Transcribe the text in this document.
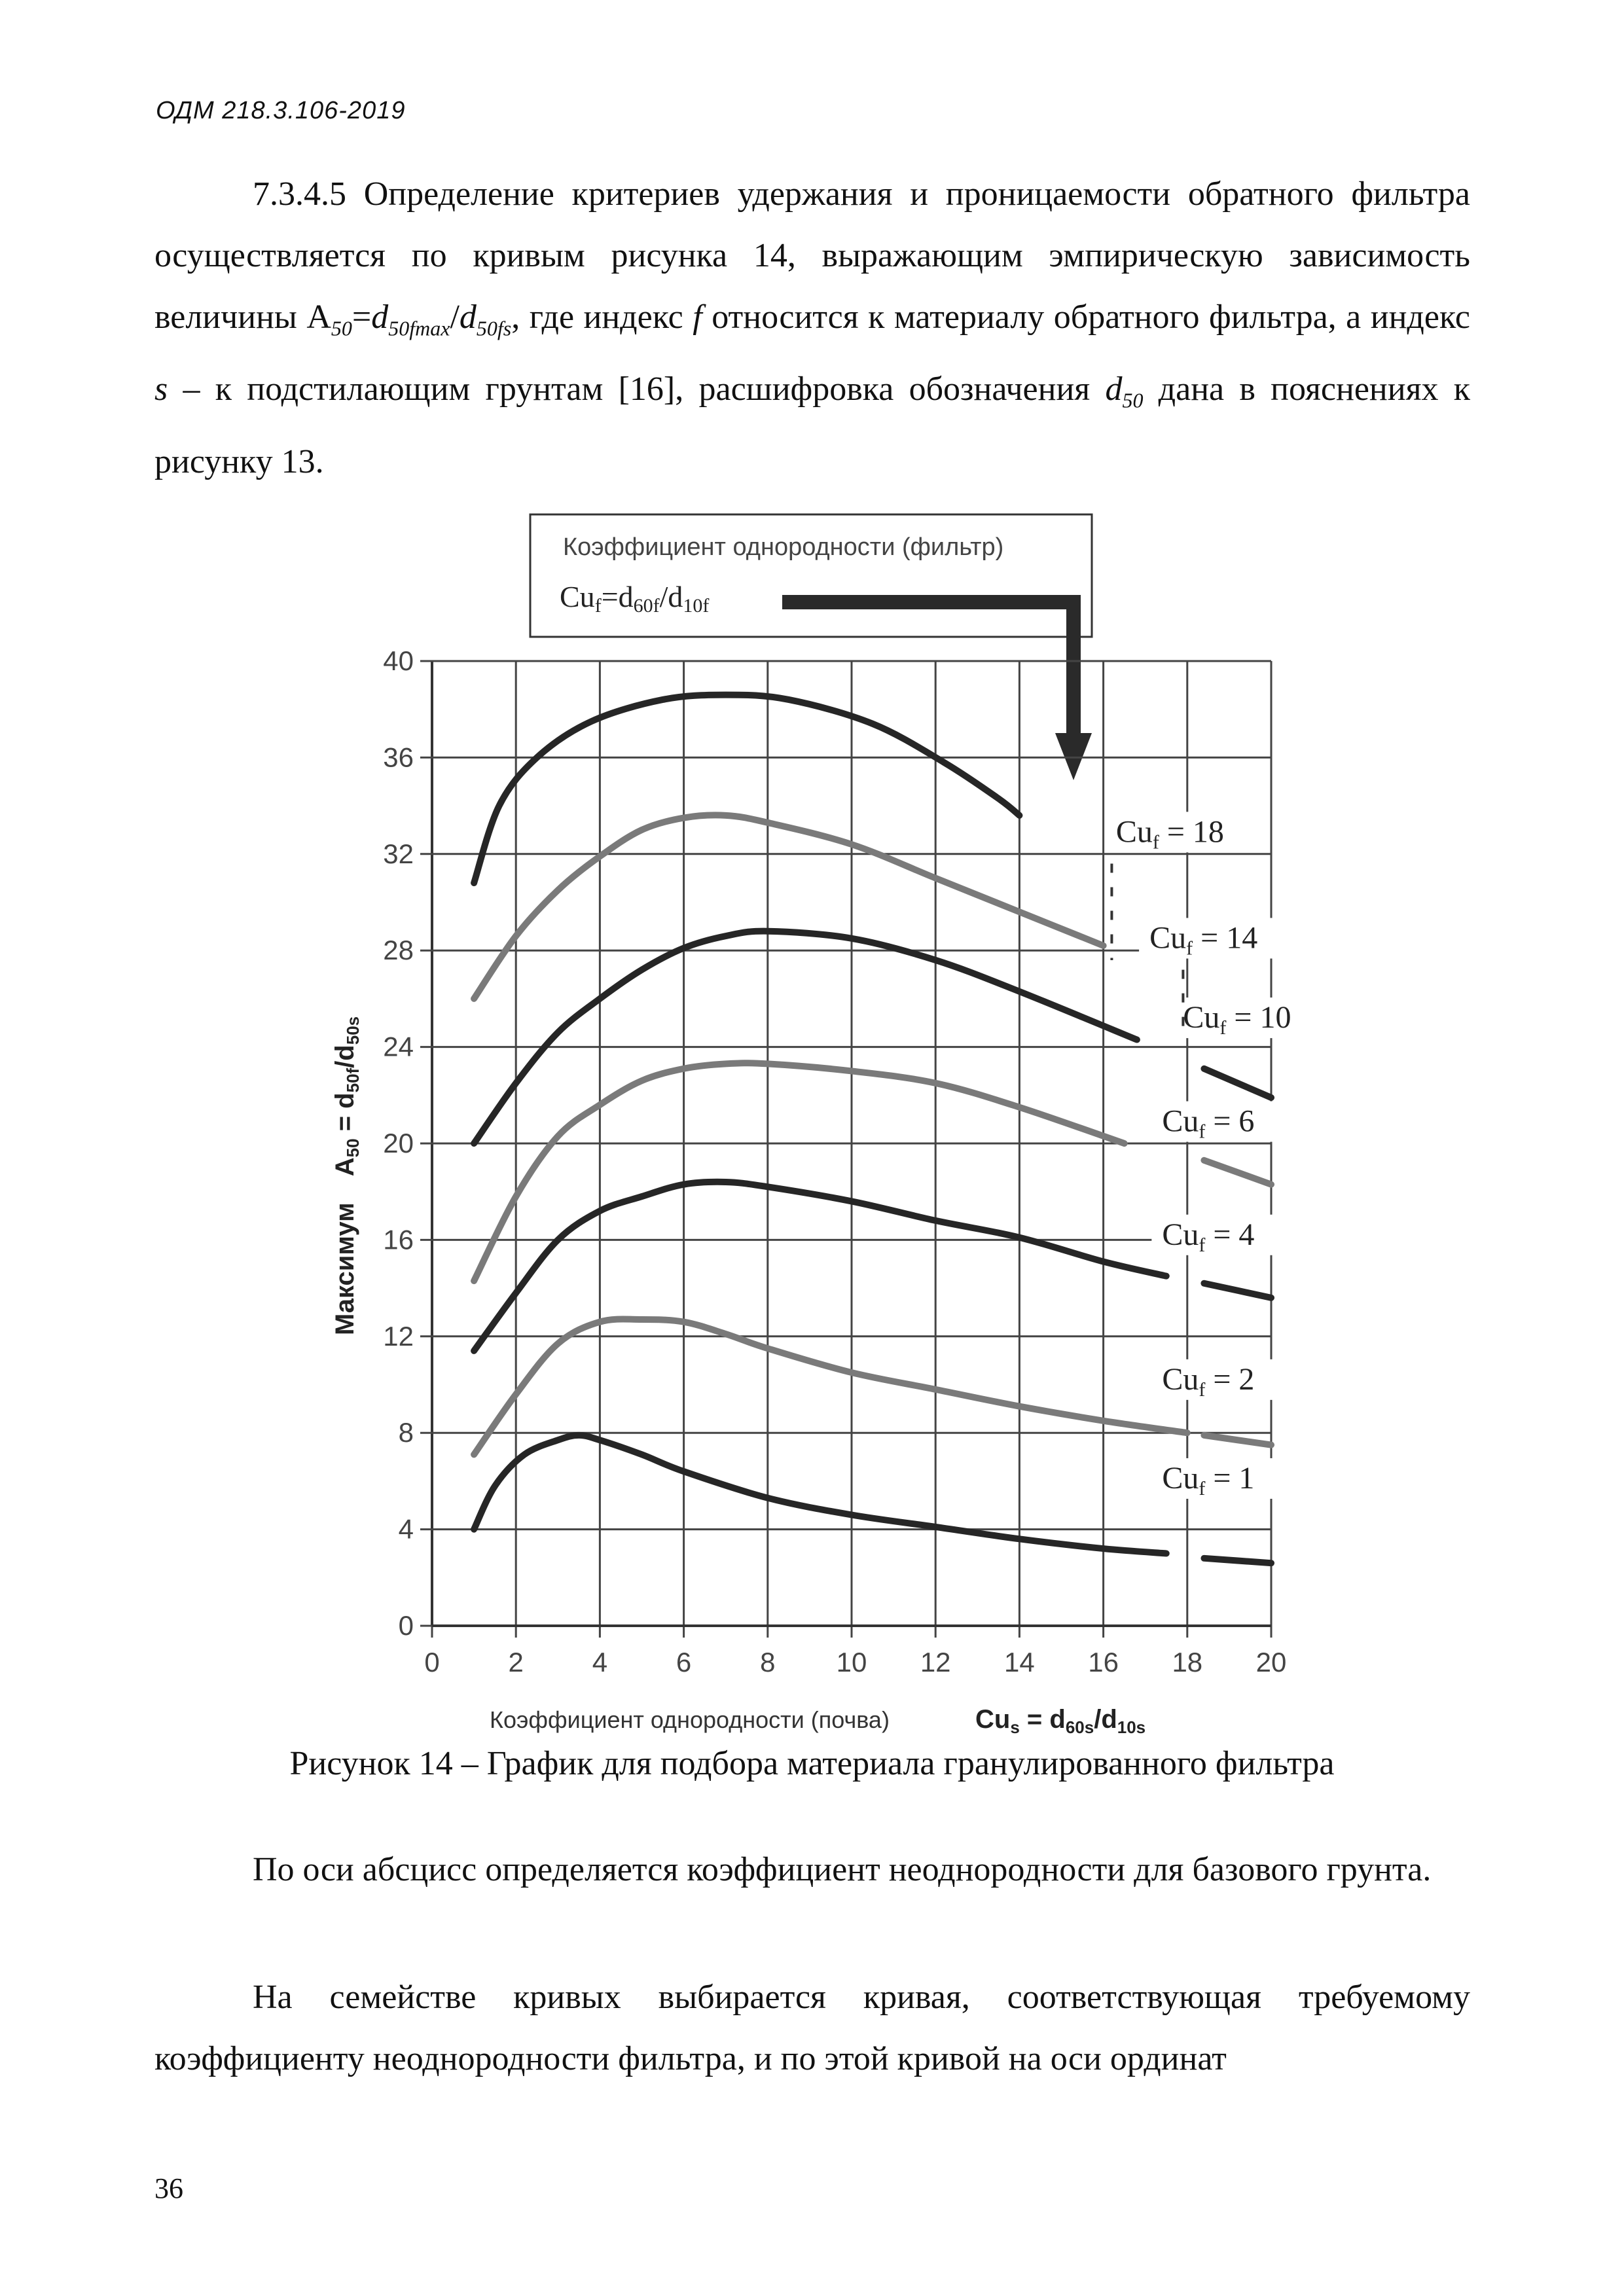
ОДМ 218.3.106-2019
7.3.4.5 Определение критериев удержания и проницаемости обратного фильтра осуществляется по кривым рисунка 14, выражающим эмпирическую зависимость величины $A_{50}=d_{50fmax}/d_{50fs}$, где индекс f относится к материалу обратного фильтра, а индекс s – к подстилающим грунтам [16], расшифровка обозначения $d_{50}$ дана в пояснениях к рисунку 13.
Коэффициент однородности (фильтр)
Cuf=d60f/d10f
$Cu_f = 18$
$Cu_f = 14$
$Cu_f = 10$
$Cu_f = 6$
$Cu_f = 4$
$Cu_f = 2$
$Cu_f = 1$
0 2 4 6 8 10 12 14 16 18 20
0
4
8
12
16
20
24
28
32
36
40
Коэффициент однородности (почва)	$Cu_s = d_{60s}/d_{10s}$
МаксимумA$_{50}$ = $d_{50f}/d_{50s}$
Рисунок 14 – График для подбора материала гранулированного фильтра
По оси абсцисс определяется коэффициент неоднородности для базового грунта.
На семействе кривых выбирается кривая, соответствующая требуемому коэффициенту неоднородности фильтра, и по этой кривой на оси ординат
36
